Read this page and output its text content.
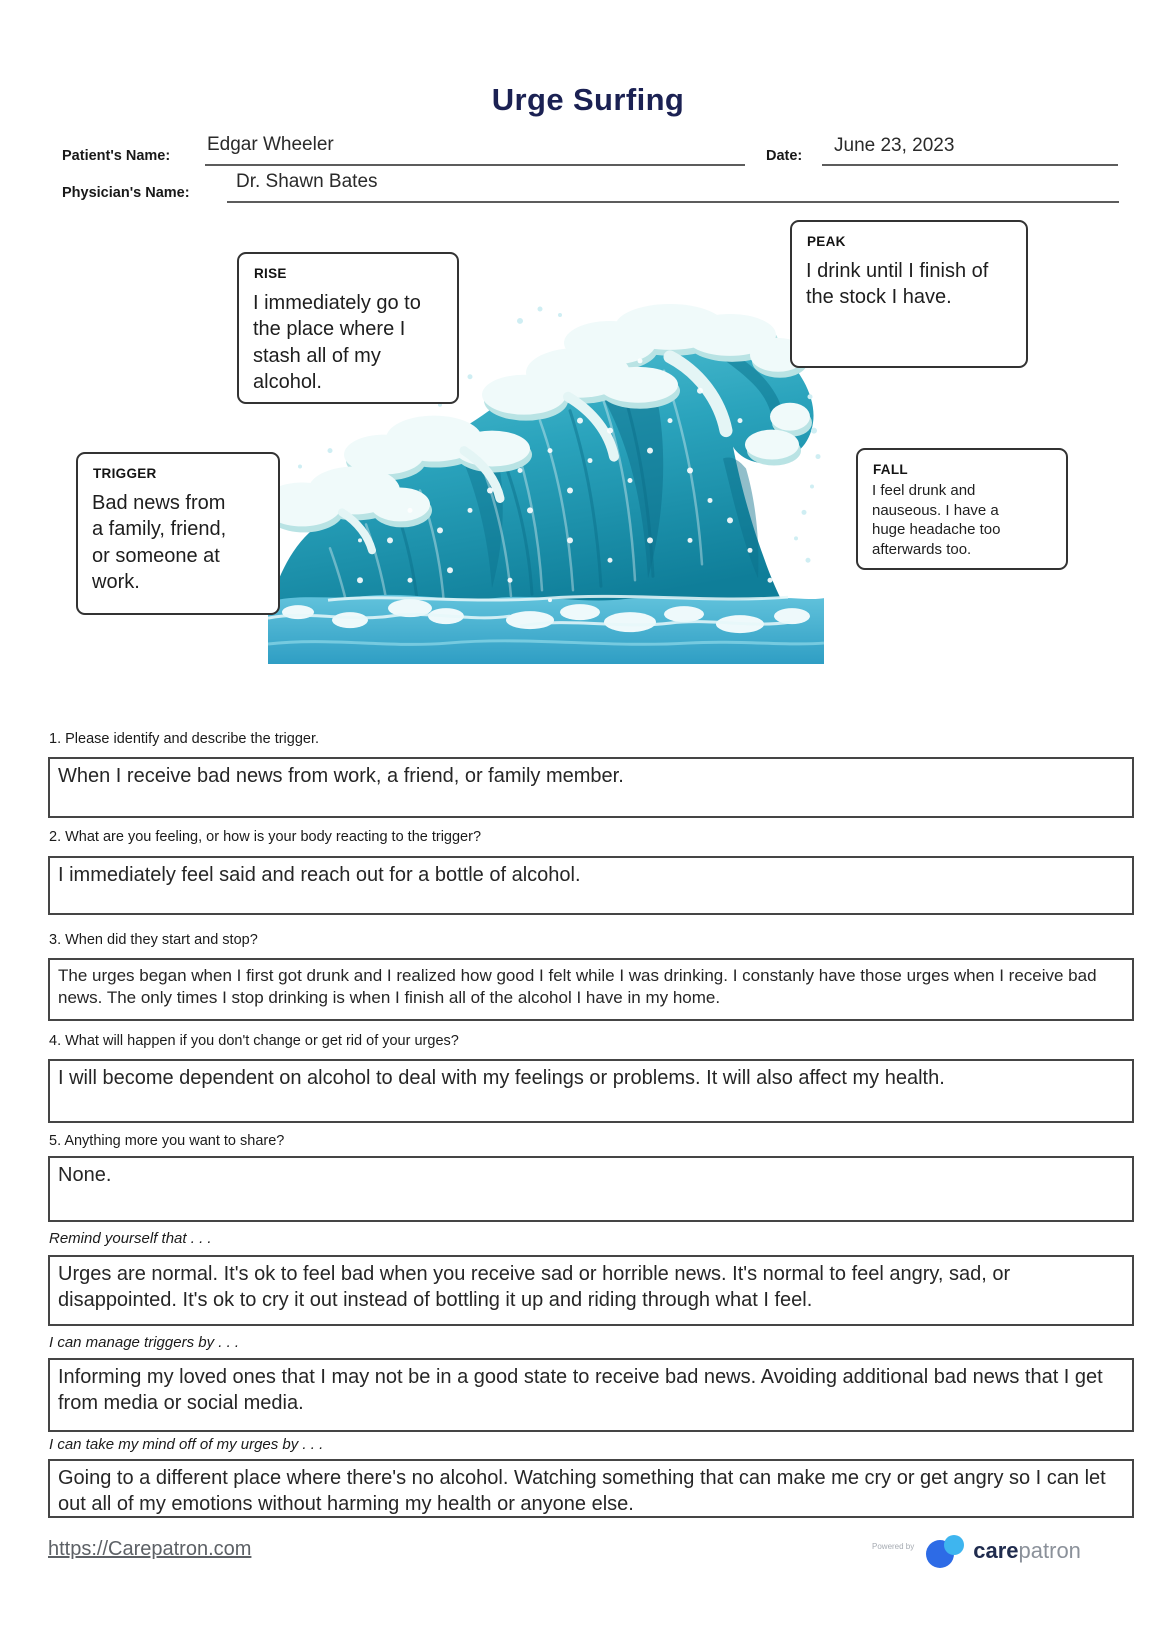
Urge Surfing
Patient's Name:
Edgar Wheeler
Date: June 23, 2023
Physician's Name:
Dr. Shawn Bates
RISE
I immediately go to the place where I stash all of my alcohol.
PEAK
I drink until I finish of the stock I have.
TRIGGER
Bad news from a family, friend, or someone at work.
FALL
I feel drunk and nauseous. I have a huge headache too afterwards too.
1. Please identify and describe the trigger.
When I receive bad news from work, a friend, or family member.
2. What are you feeling, or how is your body reacting to the trigger?
I immediately feel said and reach out for a bottle of alcohol.
3. When did they start and stop?
The urges began when I first got drunk and I realized how good I felt while I was drinking. I constanly have those urges when I receive bad news. The only times I stop drinking is when I finish all of the alcohol I have in my home.
4. What will happen if you don't change or get rid of your urges?
I will become dependent on alcohol to deal with my feelings or problems. It will also affect my health.
5. Anything more you want to share?
None.
Remind yourself that . . .
Urges are normal. It's ok to feel bad when you receive sad or horrible news. It's normal to feel angry, sad, or disappointed. It's ok to cry it out instead of bottling it up and riding through what I feel.
I can manage triggers by . . .
Informing my loved ones that I may not be in a good state to receive bad news. Avoiding additional bad news that I get from media or social media.
I can take my mind off of my urges by . . .
Going to a different place where there's no alcohol. Watching something that can make me cry or get angry so I can let out all of my emotions without harming my health or anyone else.
https://Carepatron.com	Powered by	care patron
